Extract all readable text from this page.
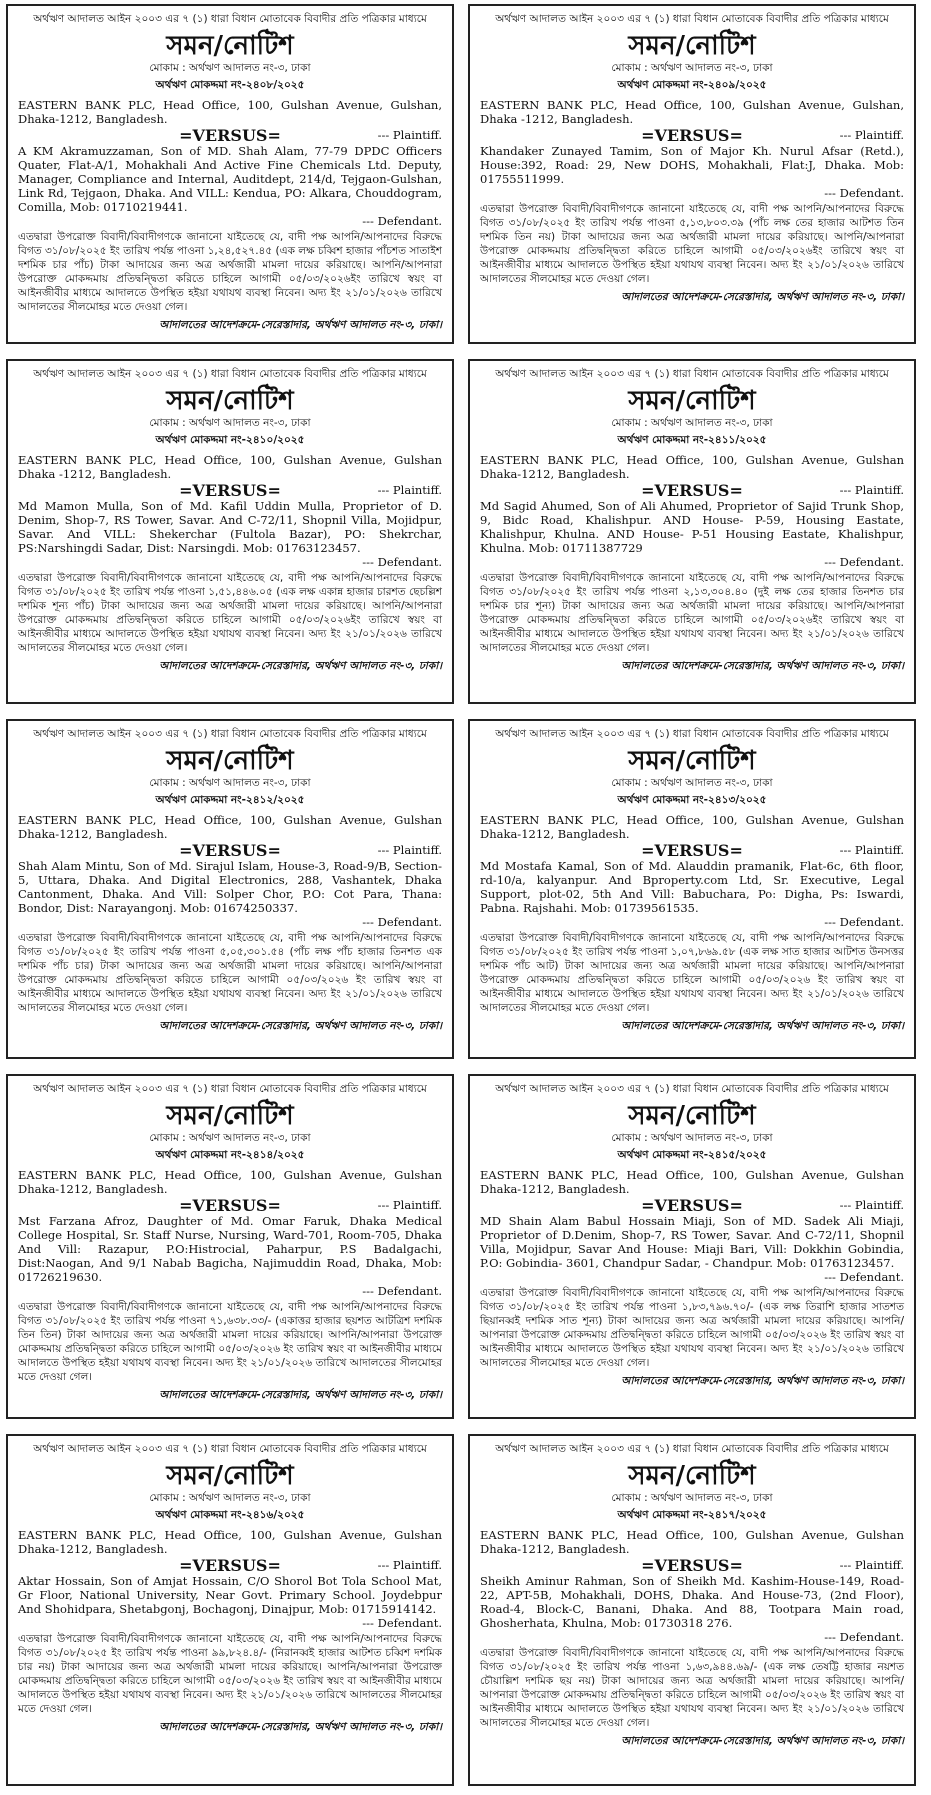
অর্থঋণ আদালত আইন ২০০৩ এর ৭ (১) ধারা বিধান মোতাবেক বিবাদীর প্রতি পত্রিকার মাধ্যমে
সমন/নোটিশ
মোকাম : অর্থঋণ আদালত নং-৩, ঢাকা
অর্থঋণ মোকদ্দমা নং-২৪০৮/২০২৫
EASTERN BANK PLC, Head Office, 100, Gulshan Avenue, Gulshan, Dhaka-1212, Bangladesh.
=VERSUS=	--- Plaintiff.
A KM Akramuzzaman, Son of MD. Shah Alam, 77-79 DPDC Officers Quater, Flat-A/1, Mohakhali And Active Fine Chemicals Ltd. Deputy, Manager, Compliance and Internal, Auditdept, 214/d, Tejgaon-Gulshan, Link Rd, Tejgaon, Dhaka. And VILL: Kendua, PO: Alkara, Chouddogram, Comilla, Mob: 01710219441.
--- Defendant.
এতদ্বারা উপরোক্ত বিবাদী/বিবাদীগণকে জানানো যাইতেছে যে, বাদী পক্ষ আপনি/আপনাদের বিরুদ্ধে বিগত ৩১/০৮/২০২৫ ইং তারিখ পর্যন্ত পাওনা ১,২৪,৫২৭.৪৫ (এক লক্ষ চব্বিশ হাজার পাঁচশত সাতাইশ দশমিক চার পাঁচ) টাকা আদায়ের জন্য অত্র অর্থজারী মামলা দায়ের করিয়াছে। আপনি/আপনারা উপরোক্ত মোকদ্দমায় প্রতিদ্বন্দ্বিতা করিতে চাহিলে আগামী ০৫/০৩/২০২৬ইং তারিখে স্বয়ং বা আইনজীবীর মাধ্যমে আদালতে উপস্থিত হইয়া যথাযথ ব্যবস্থা নিবেন। অদ্য ইং ২১/০১/২০২৬ তারিখে আদালতের সীলমোহর মতে দেওয়া গেল।
আদালতের আদেশক্রমে-সেরেস্তাদার, অর্থঋণ আদালত নং-৩, ঢাকা।
অর্থঋণ আদালত আইন ২০০৩ এর ৭ (১) ধারা বিধান মোতাবেক বিবাদীর প্রতি পত্রিকার মাধ্যমে
সমন/নোটিশ
মোকাম : অর্থঋণ আদালত নং-৩, ঢাকা
অর্থঋণ মোকদ্দমা নং-২৪০৯/২০২৫
EASTERN BANK PLC, Head Office, 100, Gulshan Avenue, Gulshan, Dhaka -1212, Bangladesh.
=VERSUS=	--- Plaintiff.
Khandaker Zunayed Tamim, Son of Major Kh. Nurul Afsar (Retd.), House:392, Road: 29, New DOHS, Mohakhali, Flat:J, Dhaka. Mob: 01755511999.
--- Defendant.
এতদ্বারা উপরোক্ত বিবাদী/বিবাদীগণকে জানানো যাইতেছে যে, বাদী পক্ষ আপনি/আপনাদের বিরুদ্ধে বিগত ৩১/০৮/২০২৫ ইং তারিখ পর্যন্ত পাওনা ৫,১৩,৮০৩.৩৯ (পাঁচ লক্ষ তের হাজার আটশত তিন দশমিক তিন নয়) টাকা আদায়ের জন্য অত্র অর্থজারী মামলা দায়ের করিয়াছে। আপনি/আপনারা উপরোক্ত মোকদ্দমায় প্রতিদ্বন্দ্বিতা করিতে চাহিলে আগামী ০৫/০৩/২০২৬ইং তারিখে স্বয়ং বা আইনজীবীর মাধ্যমে আদালতে উপস্থিত হইয়া যথাযথ ব্যবস্থা নিবেন। অদ্য ইং ২১/০১/২০২৬ তারিখে আদালতের সীলমোহর মতে দেওয়া গেল।
আদালতের আদেশক্রমে-সেরেস্তাদার, অর্থঋণ আদালত নং-৩, ঢাকা।
অর্থঋণ আদালত আইন ২০০৩ এর ৭ (১) ধারা বিধান মোতাবেক বিবাদীর প্রতি পত্রিকার মাধ্যমে
সমন/নোটিশ
মোকাম : অর্থঋণ আদালত নং-৩, ঢাকা
অর্থঋণ মোকদ্দমা নং-২৪১০/২০২৫
EASTERN BANK PLC, Head Office, 100, Gulshan Avenue, Gulshan Dhaka -1212, Bangladesh.
=VERSUS=	--- Plaintiff.
Md Mamon Mulla, Son of Md. Kafil Uddin Mulla, Proprietor of D. Denim, Shop-7, RS Tower, Savar. And C-72/11, Shopnil Villa, Mojidpur, Savar. And VILL: Shekerchar (Fultola Bazar), PO: Shekrchar, PS:Narshingdi Sadar, Dist: Narsingdi. Mob: 01763123457.
--- Defendant.
এতদ্বারা উপরোক্ত বিবাদী/বিবাদীগণকে জানানো যাইতেছে যে, বাদী পক্ষ আপনি/আপনাদের বিরুদ্ধে বিগত ৩১/০৮/২০২৫ ইং তারিখ পর্যন্ত পাওনা ১,৫১,৪৪৬.০৫ (এক লক্ষ একান্ন হাজার চারশত ছেচল্লিশ দশমিক শূন্য পাঁচ) টাকা আদায়ের জন্য অত্র অর্থজারী মামলা দায়ের করিয়াছে। আপনি/আপনারা উপরোক্ত মোকদ্দমায় প্রতিদ্বন্দ্বিতা করিতে চাহিলে আগামী ০৫/০৩/২০২৬ইং তারিখে স্বয়ং বা আইনজীবীর মাধ্যমে আদালতে উপস্থিত হইয়া যথাযথ ব্যবস্থা নিবেন। অদ্য ইং ২১/০১/২০২৬ তারিখে আদালতের সীলমোহর মতে দেওয়া গেল।
আদালতের আদেশক্রমে-সেরেস্তাদার, অর্থঋণ আদালত নং-৩, ঢাকা।
অর্থঋণ আদালত আইন ২০০৩ এর ৭ (১) ধারা বিধান মোতাবেক বিবাদীর প্রতি পত্রিকার মাধ্যমে
সমন/নোটিশ
মোকাম : অর্থঋণ আদালত নং-৩, ঢাকা
অর্থঋণ মোকদ্দমা নং-২৪১১/২০২৫
EASTERN BANK PLC, Head Office, 100, Gulshan Avenue, Gulshan Dhaka-1212, Bangladesh.
=VERSUS=	--- Plaintiff.
Md Sagid Ahumed, Son of Ali Ahumed, Proprietor of Sajid Trunk Shop, 9, Bidc Road, Khalishpur. AND House- P-59, Housing Eastate, Khalishpur, Khulna. AND House- P-51 Housing Eastate, Khalishpur, Khulna. Mob: 01711387729
--- Defendant.
এতদ্বারা উপরোক্ত বিবাদী/বিবাদীগণকে জানানো যাইতেছে যে, বাদী পক্ষ আপনি/আপনাদের বিরুদ্ধে বিগত ৩১/০৮/২০২৫ ইং তারিখ পর্যন্ত পাওনা ২,১৩,৩০৪.৪০ (দুই লক্ষ তের হাজার তিনশত চার দশমিক চার শূন্য) টাকা আদায়ের জন্য অত্র অর্থজারী মামলা দায়ের করিয়াছে। আপনি/আপনারা উপরোক্ত মোকদ্দমায় প্রতিদ্বন্দ্বিতা করিতে চাহিলে আগামী ০৫/০৩/২০২৬ইং তারিখে স্বয়ং বা আইনজীবীর মাধ্যমে আদালতে উপস্থিত হইয়া যথাযথ ব্যবস্থা নিবেন। অদ্য ইং ২১/০১/২০২৬ তারিখে আদালতের সীলমোহর মতে দেওয়া গেল।
আদালতের আদেশক্রমে-সেরেস্তাদার, অর্থঋণ আদালত নং-৩, ঢাকা।
অর্থঋণ আদালত আইন ২০০৩ এর ৭ (১) ধারা বিধান মোতাবেক বিবাদীর প্রতি পত্রিকার মাধ্যমে
সমন/নোটিশ
মোকাম : অর্থঋণ আদালত নং-৩, ঢাকা
অর্থঋণ মোকদ্দমা নং-২৪১২/২০২৫
EASTERN BANK PLC, Head Office, 100, Gulshan Avenue, Gulshan Dhaka-1212, Bangladesh.
=VERSUS=	--- Plaintiff.
Shah Alam Mintu, Son of Md. Sirajul Islam, House-3, Road-9/B, Section-5, Uttara, Dhaka. And Digital Electronics, 288, Vashantek, Dhaka Cantonment, Dhaka. And Vill: Solper Chor, P.O: Cot Para, Thana: Bondor, Dist: Narayangonj. Mob: 01674250337.
--- Defendant.
এতদ্বারা উপরোক্ত বিবাদী/বিবাদীগণকে জানানো যাইতেছে যে, বাদী পক্ষ আপনি/আপনাদের বিরুদ্ধে বিগত ৩১/০৮/২০২৫ ইং তারিখ পর্যন্ত পাওনা ৫,০৫,৩০১.৫৪ (পাঁচ লক্ষ পাঁচ হাজার তিনশত এক দশমিক পাঁচ চার) টাকা আদায়ের জন্য অত্র অর্থজারী মামলা দায়ের করিয়াছে। আপনি/আপনারা উপরোক্ত মোকদ্দমায় প্রতিদ্বন্দ্বিতা করিতে চাহিলে আগামী ০৫/০৩/২০২৬ ইং তারিখ স্বয়ং বা আইনজীবীর মাধ্যমে আদালতে উপস্থিত হইয়া যথাযথ ব্যবস্থা নিবেন। অদ্য ইং ২১/০১/২০২৬ তারিখে আদালতের সীলমোহর মতে দেওয়া গেল।
আদালতের আদেশক্রমে-সেরেস্তাদার, অর্থঋণ আদালত নং-৩, ঢাকা।
অর্থঋণ আদালত আইন ২০০৩ এর ৭ (১) ধারা বিধান মোতাবেক বিবাদীর প্রতি পত্রিকার মাধ্যমে
সমন/নোটিশ
মোকাম : অর্থঋণ আদালত নং-৩, ঢাকা
অর্থঋণ মোকদ্দমা নং-২৪১৩/২০২৫
EASTERN BANK PLC, Head Office, 100, Gulshan Avenue, Gulshan Dhaka-1212, Bangladesh.
=VERSUS=	--- Plaintiff.
Md Mostafa Kamal, Son of Md. Alauddin pramanik, Flat-6c, 6th floor, rd-10/a, kalyanpur. And Bproperty.com Ltd, Sr. Executive, Legal Support, plot-02, 5th And Vill: Babuchara, Po: Digha, Ps: Iswardi, Pabna. Rajshahi. Mob: 01739561535.
--- Defendant.
এতদ্বারা উপরোক্ত বিবাদী/বিবাদীগণকে জানানো যাইতেছে যে, বাদী পক্ষ আপনি/আপনাদের বিরুদ্ধে বিগত ৩১/০৮/২০২৫ ইং তারিখ পর্যন্ত পাওনা ১,০৭,৮৬৯.৫৮ (এক লক্ষ সাত হাজার আটশত উনসত্তর দশমিক পাঁচ আট) টাকা আদায়ের জন্য অত্র অর্থজারী মামলা দায়ের করিয়াছে। আপনি/আপনারা উপরোক্ত মোকদ্দমায় প্রতিদ্বন্দ্বিতা করিতে চাহিলে আগামী ০৫/০৩/২০২৬ ইং তারিখ স্বয়ং বা আইনজীবীর মাধ্যমে আদালতে উপস্থিত হইয়া যথাযথ ব্যবস্থা নিবেন। অদ্য ইং ২১/০১/২০২৬ তারিখে আদালতের সীলমোহর মতে দেওয়া গেল।
আদালতের আদেশক্রমে-সেরেস্তাদার, অর্থঋণ আদালত নং-৩, ঢাকা।
অর্থঋণ আদালত আইন ২০০৩ এর ৭ (১) ধারা বিধান মোতাবেক বিবাদীর প্রতি পত্রিকার মাধ্যমে
সমন/নোটিশ
মোকাম : অর্থঋণ আদালত নং-৩, ঢাকা
অর্থঋণ মোকদ্দমা নং-২৪১৪/২০২৫
EASTERN BANK PLC, Head Office, 100, Gulshan Avenue, Gulshan Dhaka-1212, Bangladesh.
=VERSUS=	--- Plaintiff.
Mst Farzana Afroz, Daughter of Md. Omar Faruk, Dhaka Medical College Hospital, Sr. Staff Nurse, Nursing, Ward-701, Room-705, Dhaka And Vill: Razapur, P.O:Histrocial, Paharpur, P.S Badalgachi, Dist:Naogan, And 9/1 Nabab Bagicha, Najimuddin Road, Dhaka, Mob: 01726219630.
--- Defendant.
এতদ্বারা উপরোক্ত বিবাদী/বিবাদীগণকে জানানো যাইতেছে যে, বাদী পক্ষ আপনি/আপনাদের বিরুদ্ধে বিগত ৩১/০৮/২০২৫ ইং তারিখ পর্যন্ত পাওনা ৭১,৬৩৮.৩৩/- (একাত্তর হাজার ছয়শত আটত্রিশ দশমিক তিন তিন) টাকা আদায়ের জন্য অত্র অর্থজারী মামলা দায়ের করিয়াছে। আপনি/আপনারা উপরোক্ত মোকদ্দমায় প্রতিদ্বন্দ্বিতা করিতে চাহিলে আগামী ০৫/০৩/২০২৬ ইং তারিখ স্বয়ং বা আইনজীবীর মাধ্যমে আদালতে উপস্থিত হইয়া যথাযথ ব্যবস্থা নিবেন। অদ্য ইং ২১/০১/২০২৬ তারিখে আদালতের সীলমোহর মতে দেওয়া গেল।
আদালতের আদেশক্রমে-সেরেস্তাদার, অর্থঋণ আদালত নং-৩, ঢাকা।
অর্থঋণ আদালত আইন ২০০৩ এর ৭ (১) ধারা বিধান মোতাবেক বিবাদীর প্রতি পত্রিকার মাধ্যমে
সমন/নোটিশ
মোকাম : অর্থঋণ আদালত নং-৩, ঢাকা
অর্থঋণ মোকদ্দমা নং-২৪১৫/২০২৫
EASTERN BANK PLC, Head Office, 100, Gulshan Avenue, Gulshan Dhaka-1212, Bangladesh.
=VERSUS=	--- Plaintiff.
MD Shain Alam Babul Hossain Miaji, Son of MD. Sadek Ali Miaji, Proprietor of D.Denim, Shop-7, RS Tower, Savar. And C-72/11, Shopnil Villa, Mojidpur, Savar And House: Miaji Bari, Vill: Dokkhin Gobindia, P.O: Gobindia- 3601, Chandpur Sadar, - Chandpur. Mob: 01763123457.
--- Defendant.
এতদ্বারা উপরোক্ত বিবাদী/বিবাদীগণকে জানানো যাইতেছে যে, বাদী পক্ষ আপনি/আপনাদের বিরুদ্ধে বিগত ৩১/০৮/২০২৫ ইং তারিখ পর্যন্ত পাওনা ১,৮৩,৭৯৬.৭০/- (এক লক্ষ তিরাশি হাজার সাতশত ছিয়ানব্বই দশমিক সাত শূন্য) টাকা আদায়ের জন্য অত্র অর্থজারী মামলা দায়ের করিয়াছে। আপনি/আপনারা উপরোক্ত মোকদ্দমায় প্রতিদ্বন্দ্বিতা করিতে চাহিলে আগামী ০৫/০৩/২০২৬ ইং তারিখ স্বয়ং বা আইনজীবীর মাধ্যমে আদালতে উপস্থিত হইয়া যথাযথ ব্যবস্থা নিবেন। অদ্য ইং ২১/০১/২০২৬ তারিখে আদালতের সীলমোহর মতে দেওয়া গেল।
আদালতের আদেশক্রমে-সেরেস্তাদার, অর্থঋণ আদালত নং-৩, ঢাকা।
অর্থঋণ আদালত আইন ২০০৩ এর ৭ (১) ধারা বিধান মোতাবেক বিবাদীর প্রতি পত্রিকার মাধ্যমে
সমন/নোটিশ
মোকাম : অর্থঋণ আদালত নং-৩, ঢাকা
অর্থঋণ মোকদ্দমা নং-২৪১৬/২০২৫
EASTERN BANK PLC, Head Office, 100, Gulshan Avenue, Gulshan Dhaka-1212, Bangladesh.
=VERSUS=	--- Plaintiff.
Aktar Hossain, Son of Amjat Hossain, C/O Shorol Bot Tola School Mat, Gr Floor, National University, Near Govt. Primary School. Joydebpur And Shohidpara, Shetabgonj, Bochagonj, Dinajpur, Mob: 01715914142.
--- Defendant.
এতদ্বারা উপরোক্ত বিবাদী/বিবাদীগণকে জানানো যাইতেছে যে, বাদী পক্ষ আপনি/আপনাদের বিরুদ্ধে বিগত ৩১/০৮/২০২৫ ইং তারিখ পর্যন্ত পাওনা ৯৯,৮২৪.৪/- (নিরানব্বই হাজার আটশত চব্বিশ দশমিক চার নয়) টাকা আদায়ের জন্য অত্র অর্থজারী মামলা দায়ের করিয়াছে। আপনি/আপনারা উপরোক্ত মোকদ্দমায় প্রতিদ্বন্দ্বিতা করিতে চাহিলে আগামী ০৫/০৩/২০২৬ ইং তারিখ স্বয়ং বা আইনজীবীর মাধ্যমে আদালতে উপস্থিত হইয়া যথাযথ ব্যবস্থা নিবেন। অদ্য ইং ২১/০১/২০২৬ তারিখে আদালতের সীলমোহর মতে দেওয়া গেল।
আদালতের আদেশক্রমে-সেরেস্তাদার, অর্থঋণ আদালত নং-৩, ঢাকা।
অর্থঋণ আদালত আইন ২০০৩ এর ৭ (১) ধারা বিধান মোতাবেক বিবাদীর প্রতি পত্রিকার মাধ্যমে
সমন/নোটিশ
মোকাম : অর্থঋণ আদালত নং-৩, ঢাকা
অর্থঋণ মোকদ্দমা নং-২৪১৭/২০২৫
EASTERN BANK PLC, Head Office, 100, Gulshan Avenue, Gulshan Dhaka-1212, Bangladesh.
=VERSUS=	--- Plaintiff.
Sheikh Aminur Rahman, Son of Sheikh Md. Kashim-House-149, Road-22, APT-5B, Mohakhali, DOHS, Dhaka. And House-73, (2nd Floor), Road-4, Block-C, Banani, Dhaka. And 88, Tootpara Main road, Ghosherhata, Khulna, Mob: 01730318 276.
--- Defendant.
এতদ্বারা উপরোক্ত বিবাদী/বিবাদীগণকে জানানো যাইতেছে যে, বাদী পক্ষ আপনি/আপনাদের বিরুদ্ধে বিগত ৩১/০৮/২০২৫ ইং তারিখ পর্যন্ত পাওনা ১,৬৩,৯৪৪.৬৯/- (এক লক্ষ তেষট্টি হাজার নয়শত চৌয়াল্লিশ দশমিক ছয় নয়) টাকা আদায়ের জন্য অত্র অর্থজারী মামলা দায়ের করিয়াছে। আপনি/আপনারা উপরোক্ত মোকদ্দমায় প্রতিদ্বন্দ্বিতা করিতে চাহিলে আগামী ০৫/০৩/২০২৬ ইং তারিখ স্বয়ং বা আইনজীবীর মাধ্যমে আদালতে উপস্থিত হইয়া যথাযথ ব্যবস্থা নিবেন। অদ্য ইং ২১/০১/২০২৬ তারিখে আদালতের সীলমোহর মতে দেওয়া গেল।
আদালতের আদেশক্রমে-সেরেস্তাদার, অর্থঋণ আদালত নং-৩, ঢাকা।
